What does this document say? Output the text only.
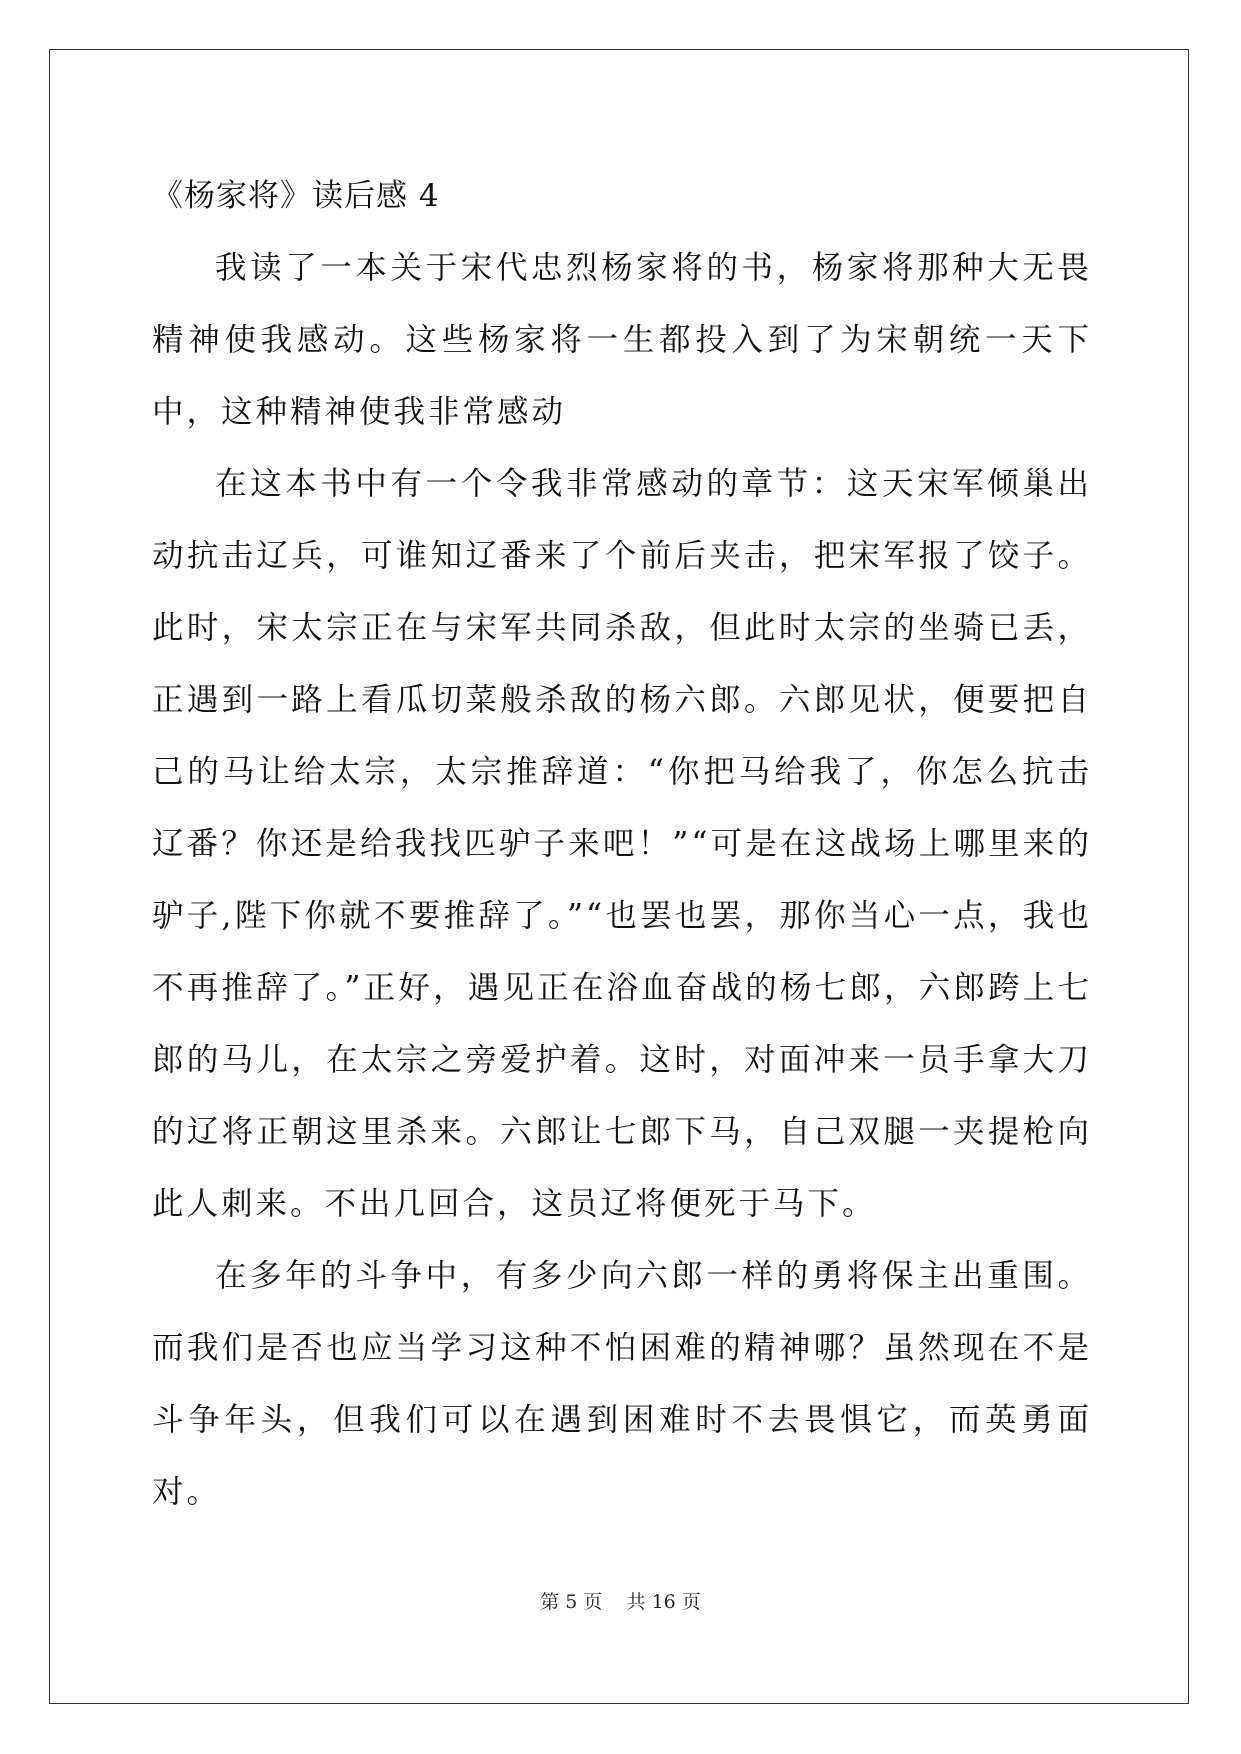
《杨家将》读后感 4

我读了一本关于宋代忠烈杨家将的书，杨家将那种大无畏精神使我感动。这些杨家将一生都投入到了为宋朝统一天下中，这种精神使我非常感动

在这本书中有一个令我非常感动的章节：这天宋军倾巢出动抗击辽兵，可谁知辽番来了个前后夹击，把宋军报了饺子。此时，宋太宗正在与宋军共同杀敌，但此时太宗的坐骑已丢，正遇到一路上看瓜切菜般杀敌的杨六郎。六郎见状，便要把自己的马让给太宗，太宗推辞道：“你把马给我了，你怎么抗击辽番？你还是给我找匹驴子来吧！”“可是在这战场上哪里来的驴子,陛下你就不要推辞了。”“也罢也罢，那你当心一点，我也不再推辞了。”正好，遇见正在浴血奋战的杨七郎，六郎跨上七郎的马儿，在太宗之旁爱护着。这时，对面冲来一员手拿大刀的辽将正朝这里杀来。六郎让七郎下马，自己双腿一夹提枪向此人刺来。不出几回合，这员辽将便死于马下。

在多年的斗争中，有多少向六郎一样的勇将保主出重围。而我们是否也应当学习这种不怕困难的精神哪？虽然现在不是斗争年头，但我们可以在遇到困难时不去畏惧它，而英勇面对。

第 5 页 共 16 页
